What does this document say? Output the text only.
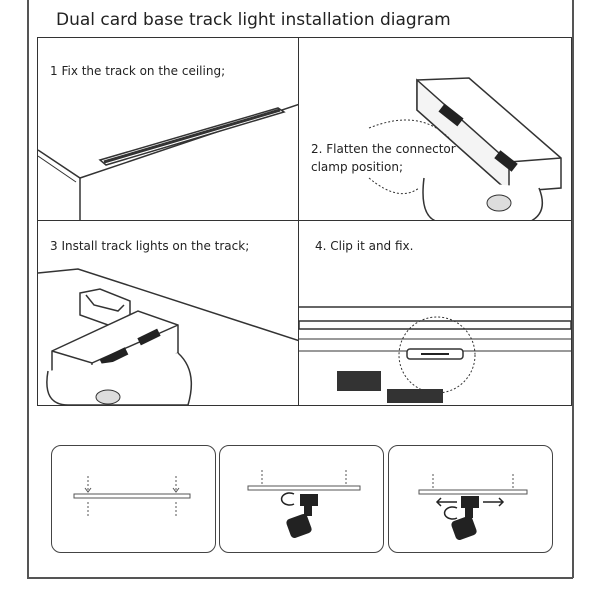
Dual card base track light installation diagram
1 Fix the track on the ceiling;
2. Flatten the connector
clamp position;
3 Install track lights on the track;	4. Clip it and fix.
